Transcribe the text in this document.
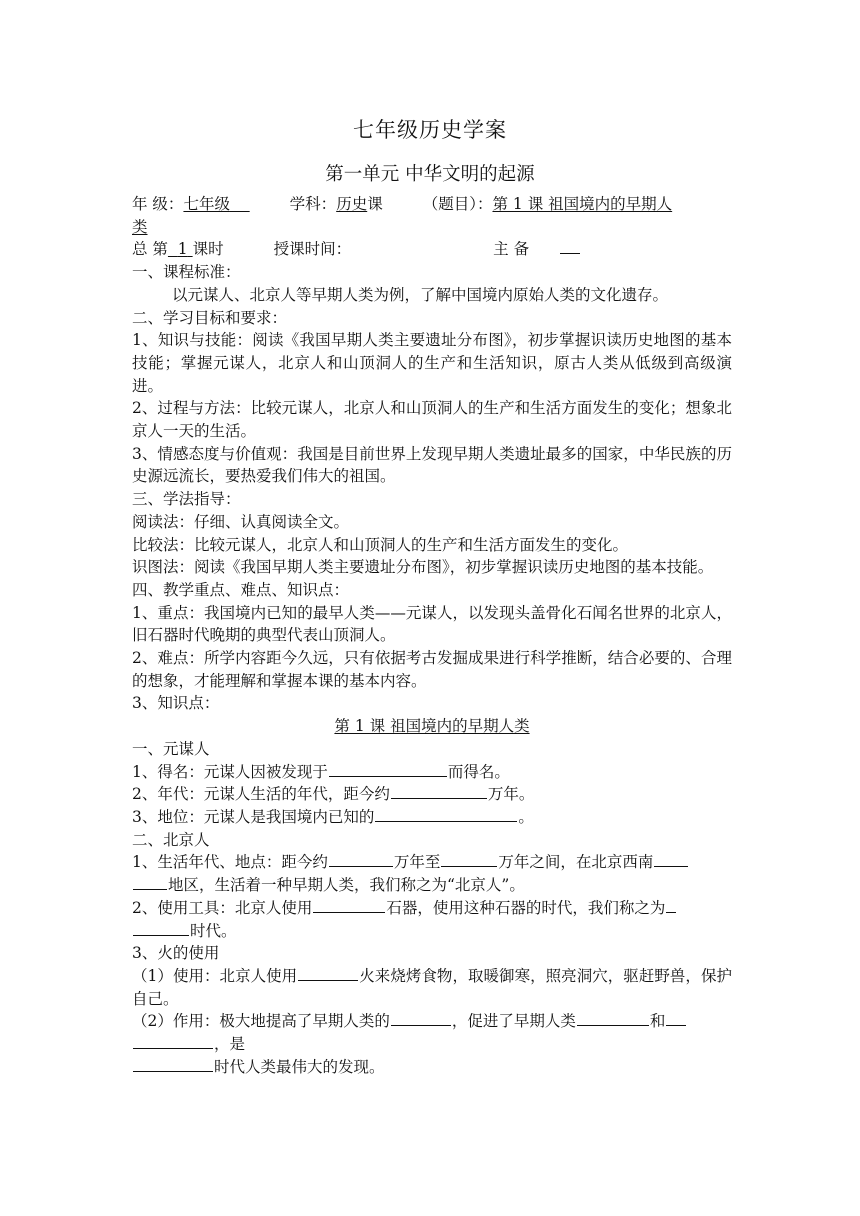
七年级历史学案
第一单元 中华文明的起源

年 级：七年级	学科：历史课	（题目）：第 1 课 祖国境内的早期人

类

总 第 1 课时	授课时间：	主 备

一、课程标准：

以元谋人、北京人等早期人类为例，了解中国境内原始人类的文化遗存。

二、学习目标和要求：

1、知识与技能：阅读《我国早期人类主要遗址分布图》，初步掌握识读历史地图的基本技能；掌握元谋人，北京人和山顶洞人的生产和生活知识，原古人类从低级到高级演进。

2、过程与方法：比较元谋人，北京人和山顶洞人的生产和生活方面发生的变化；想象北京人一天的生活。

3、情感态度与价值观：我国是目前世界上发现早期人类遗址最多的国家，中华民族的历史源远流长，要热爱我们伟大的祖国。

三、学法指导：

阅读法：仔细、认真阅读全文。

比较法：比较元谋人，北京人和山顶洞人的生产和生活方面发生的变化。

识图法：阅读《我国早期人类主要遗址分布图》，初步掌握识读历史地图的基本技能。

四、教学重点、难点、知识点：

1、重点：我国境内已知的最早人类——元谋人，以发现头盖骨化石闻名世界的北京人，旧石器时代晚期的典型代表山顶洞人。

2、难点：所学内容距今久远，只有依据考古发掘成果进行科学推断，结合必要的、合理的想象，才能理解和掌握本课的基本内容。

3、知识点：

第 1 课 祖国境内的早期人类

一、元谋人

1、得名：元谋人因被发现于	而得名。

2、年代：元谋人生活的年代，距今约	万年。

3、地位：元谋人是我国境内已知的	。

二、北京人

1、生活年代、地点：距今约	万年至	万年之间，在北京西南
地区，生活着一种早期人类，我们称之为“北京人”。

2、使用工具：北京人使用	石器，使用这种石器的时代，我们称之为
时代。

3、火的使用

（1）使用：北京人使用	火来烧烤食物，取暖御寒，照亮洞穴，驱赶野兽，保护自己。

（2）作用：极大地提高了早期人类的	，促进了早期人类	和
，是

时代人类最伟大的发现。
